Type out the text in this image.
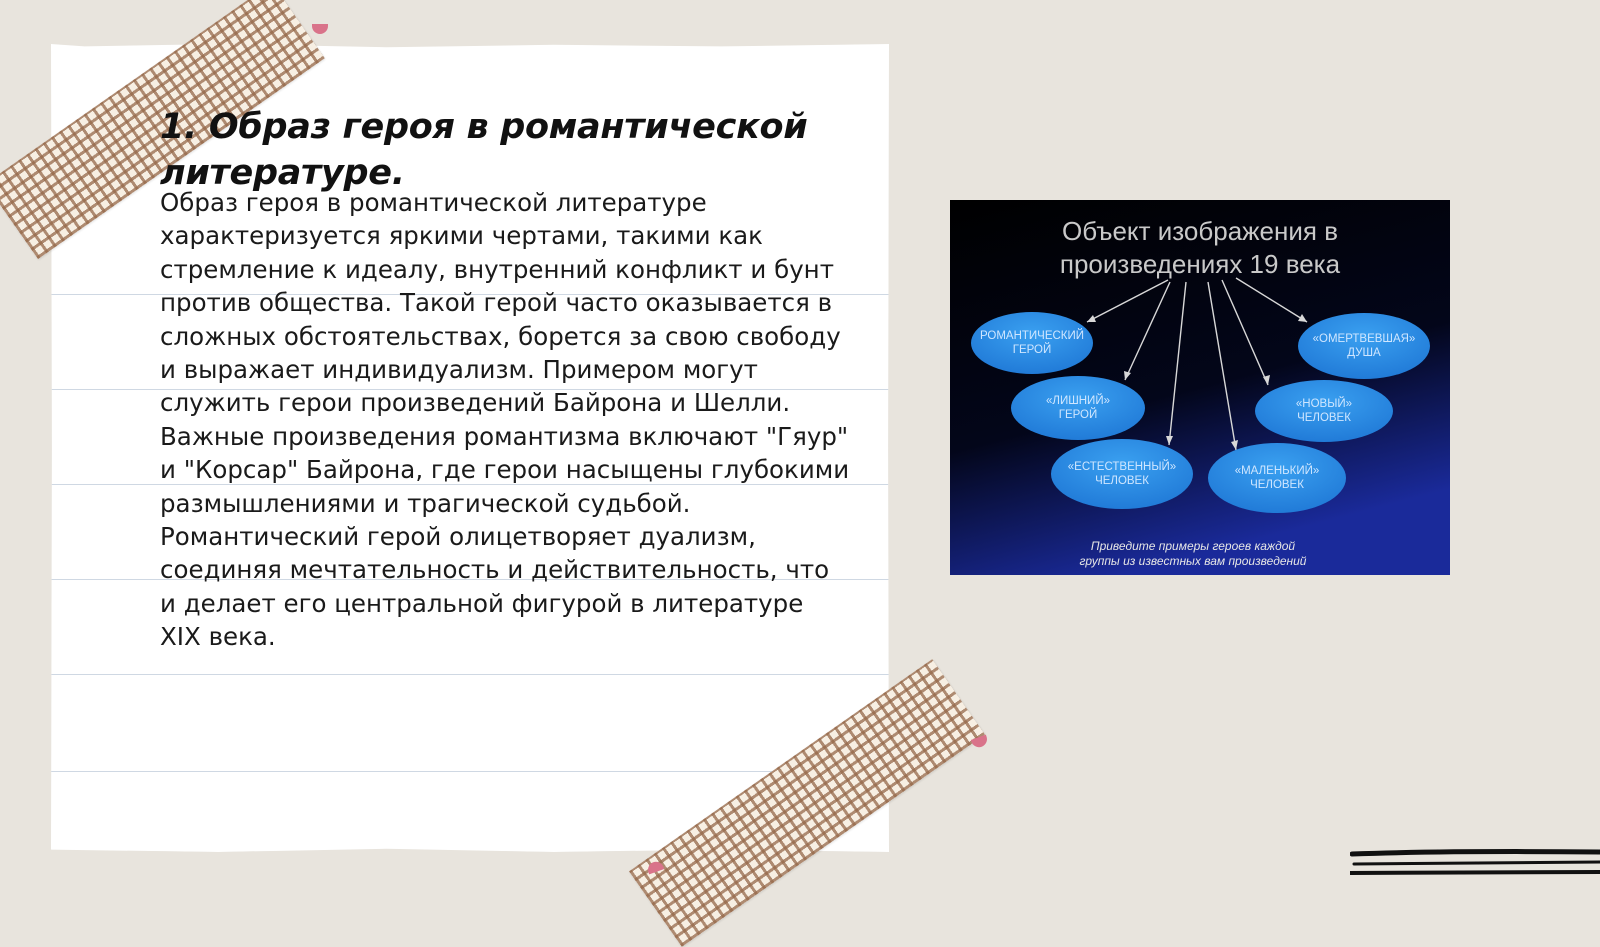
1. Образ героя в романтической литературе.

Образ героя в романтической литературе характеризуется яркими чертами, такими как стремление к идеалу, внутренний конфликт и бунт против общества. Такой герой часто оказывается в сложных обстоятельствах, борется за свою свободу и выражает индивидуализм. Примером могут служить герои произведений Байрона и Шелли. Важные произведения романтизма включают "Гяур" и "Корсар" Байрона, где герои насыщены глубокими размышлениями и трагической судьбой. Романтический герой олицетворяет дуализм, соединяя мечтательность и действительность, что и делает его центральной фигурой в литературе XIX века.

Объект изображения в
произведениях 19 века
РОМАНТИЧЕСКИЙ
ГЕРОЙ
«ЛИШНИЙ»
ГЕРОЙ
«ЕСТЕСТВЕННЫЙ»
ЧЕЛОВЕК
«МАЛЕНЬКИЙ»
ЧЕЛОВЕК
«НОВЫЙ»
ЧЕЛОВЕК
«ОМЕРТВЕВШАЯ»
ДУША
Приведите примеры героев каждой
группы из известных вам произведений
